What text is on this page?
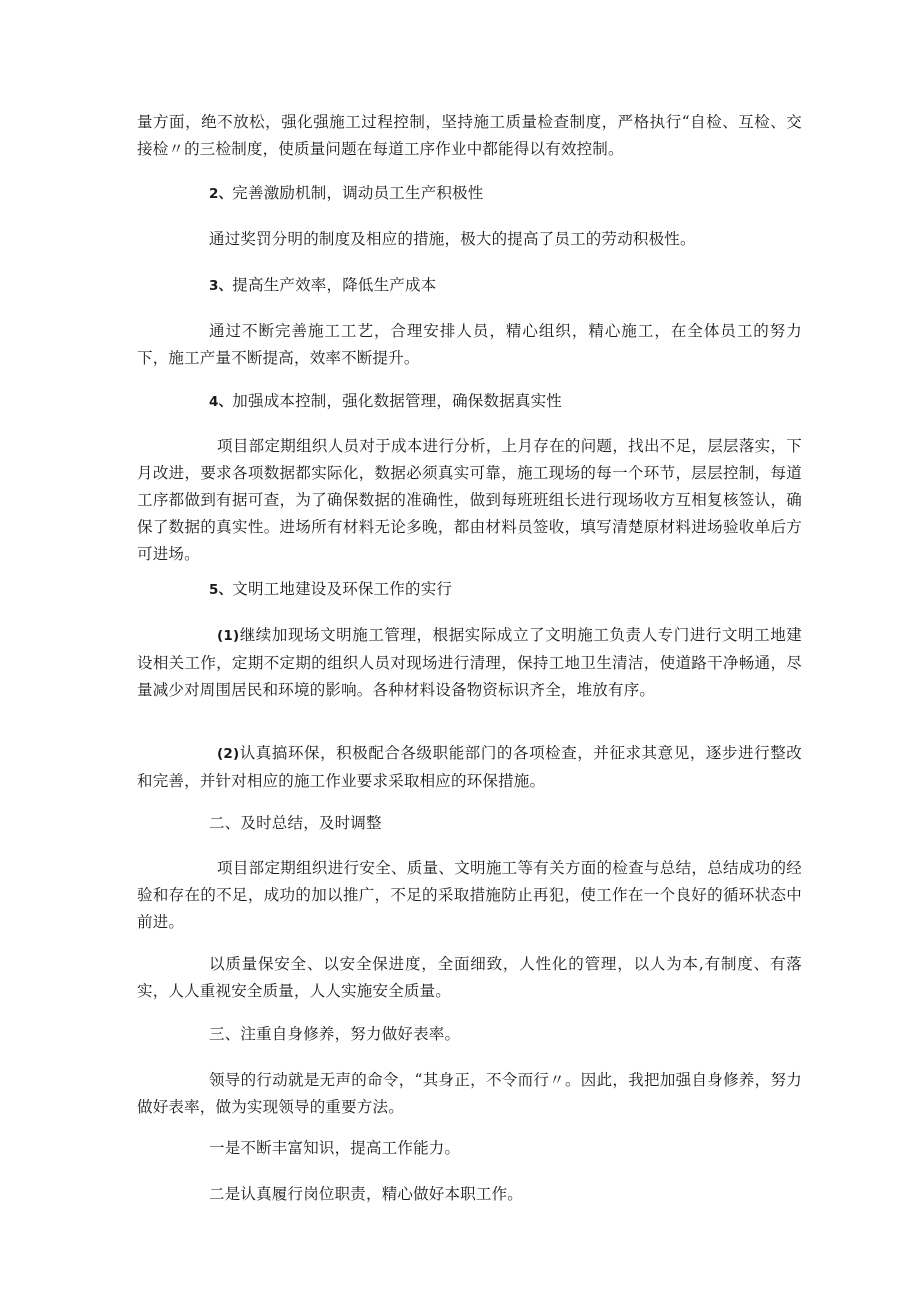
量方面，绝不放松，强化强施工过程控制，坚持施工质量检查制度，严格执行“自检、互检、交接检〃的三检制度，使质量问题在每道工序作业中都能得以有效控制。

2、完善激励机制，调动员工生产积极性

通过奖罚分明的制度及相应的措施，极大的提高了员工的劳动积极性。

3、提高生产效率，降低生产成本

通过不断完善施工工艺，合理安排人员，精心组织，精心施工，在全体员工的努力下，施工产量不断提高，效率不断提升。

4、加强成本控制，强化数据管理，确保数据真实性

项目部定期组织人员对于成本进行分析，上月存在的问题，找出不足，层层落实，下月改进，要求各项数据都实际化，数据必须真实可靠，施工现场的每一个环节，层层控制，每道工序都做到有据可查，为了确保数据的准确性，做到每班班组长进行现场收方互相复核签认，确保了数据的真实性。进场所有材料无论多晚，都由材料员签收，填写清楚原材料进场验收单后方可进场。

5、文明工地建设及环保工作的实行

(1)继续加现场文明施工管理，根据实际成立了文明施工负责人专门进行文明工地建设相关工作，定期不定期的组织人员对现场进行清理，保持工地卫生清洁，使道路干净畅通，尽量减少对周围居民和环境的影响。各种材料设备物资标识齐全，堆放有序。

(2)认真搞环保，积极配合各级职能部门的各项检查，并征求其意见，逐步进行整改和完善，并针对相应的施工作业要求采取相应的环保措施。

二、及时总结，及时调整

项目部定期组织进行安全、质量、文明施工等有关方面的检查与总结，总结成功的经验和存在的不足，成功的加以推广，不足的采取措施防止再犯，使工作在一个良好的循环状态中前进。

以质量保安全、以安全保进度，全面细致，人性化的管理，以人为本,有制度、有落实，人人重视安全质量，人人实施安全质量。

三、注重自身修养，努力做好表率。

领导的行动就是无声的命令，“其身正，不令而行〃。因此，我把加强自身修养，努力做好表率，做为实现领导的重要方法。

一是不断丰富知识，提高工作能力。

二是认真履行岗位职责，精心做好本职工作。
